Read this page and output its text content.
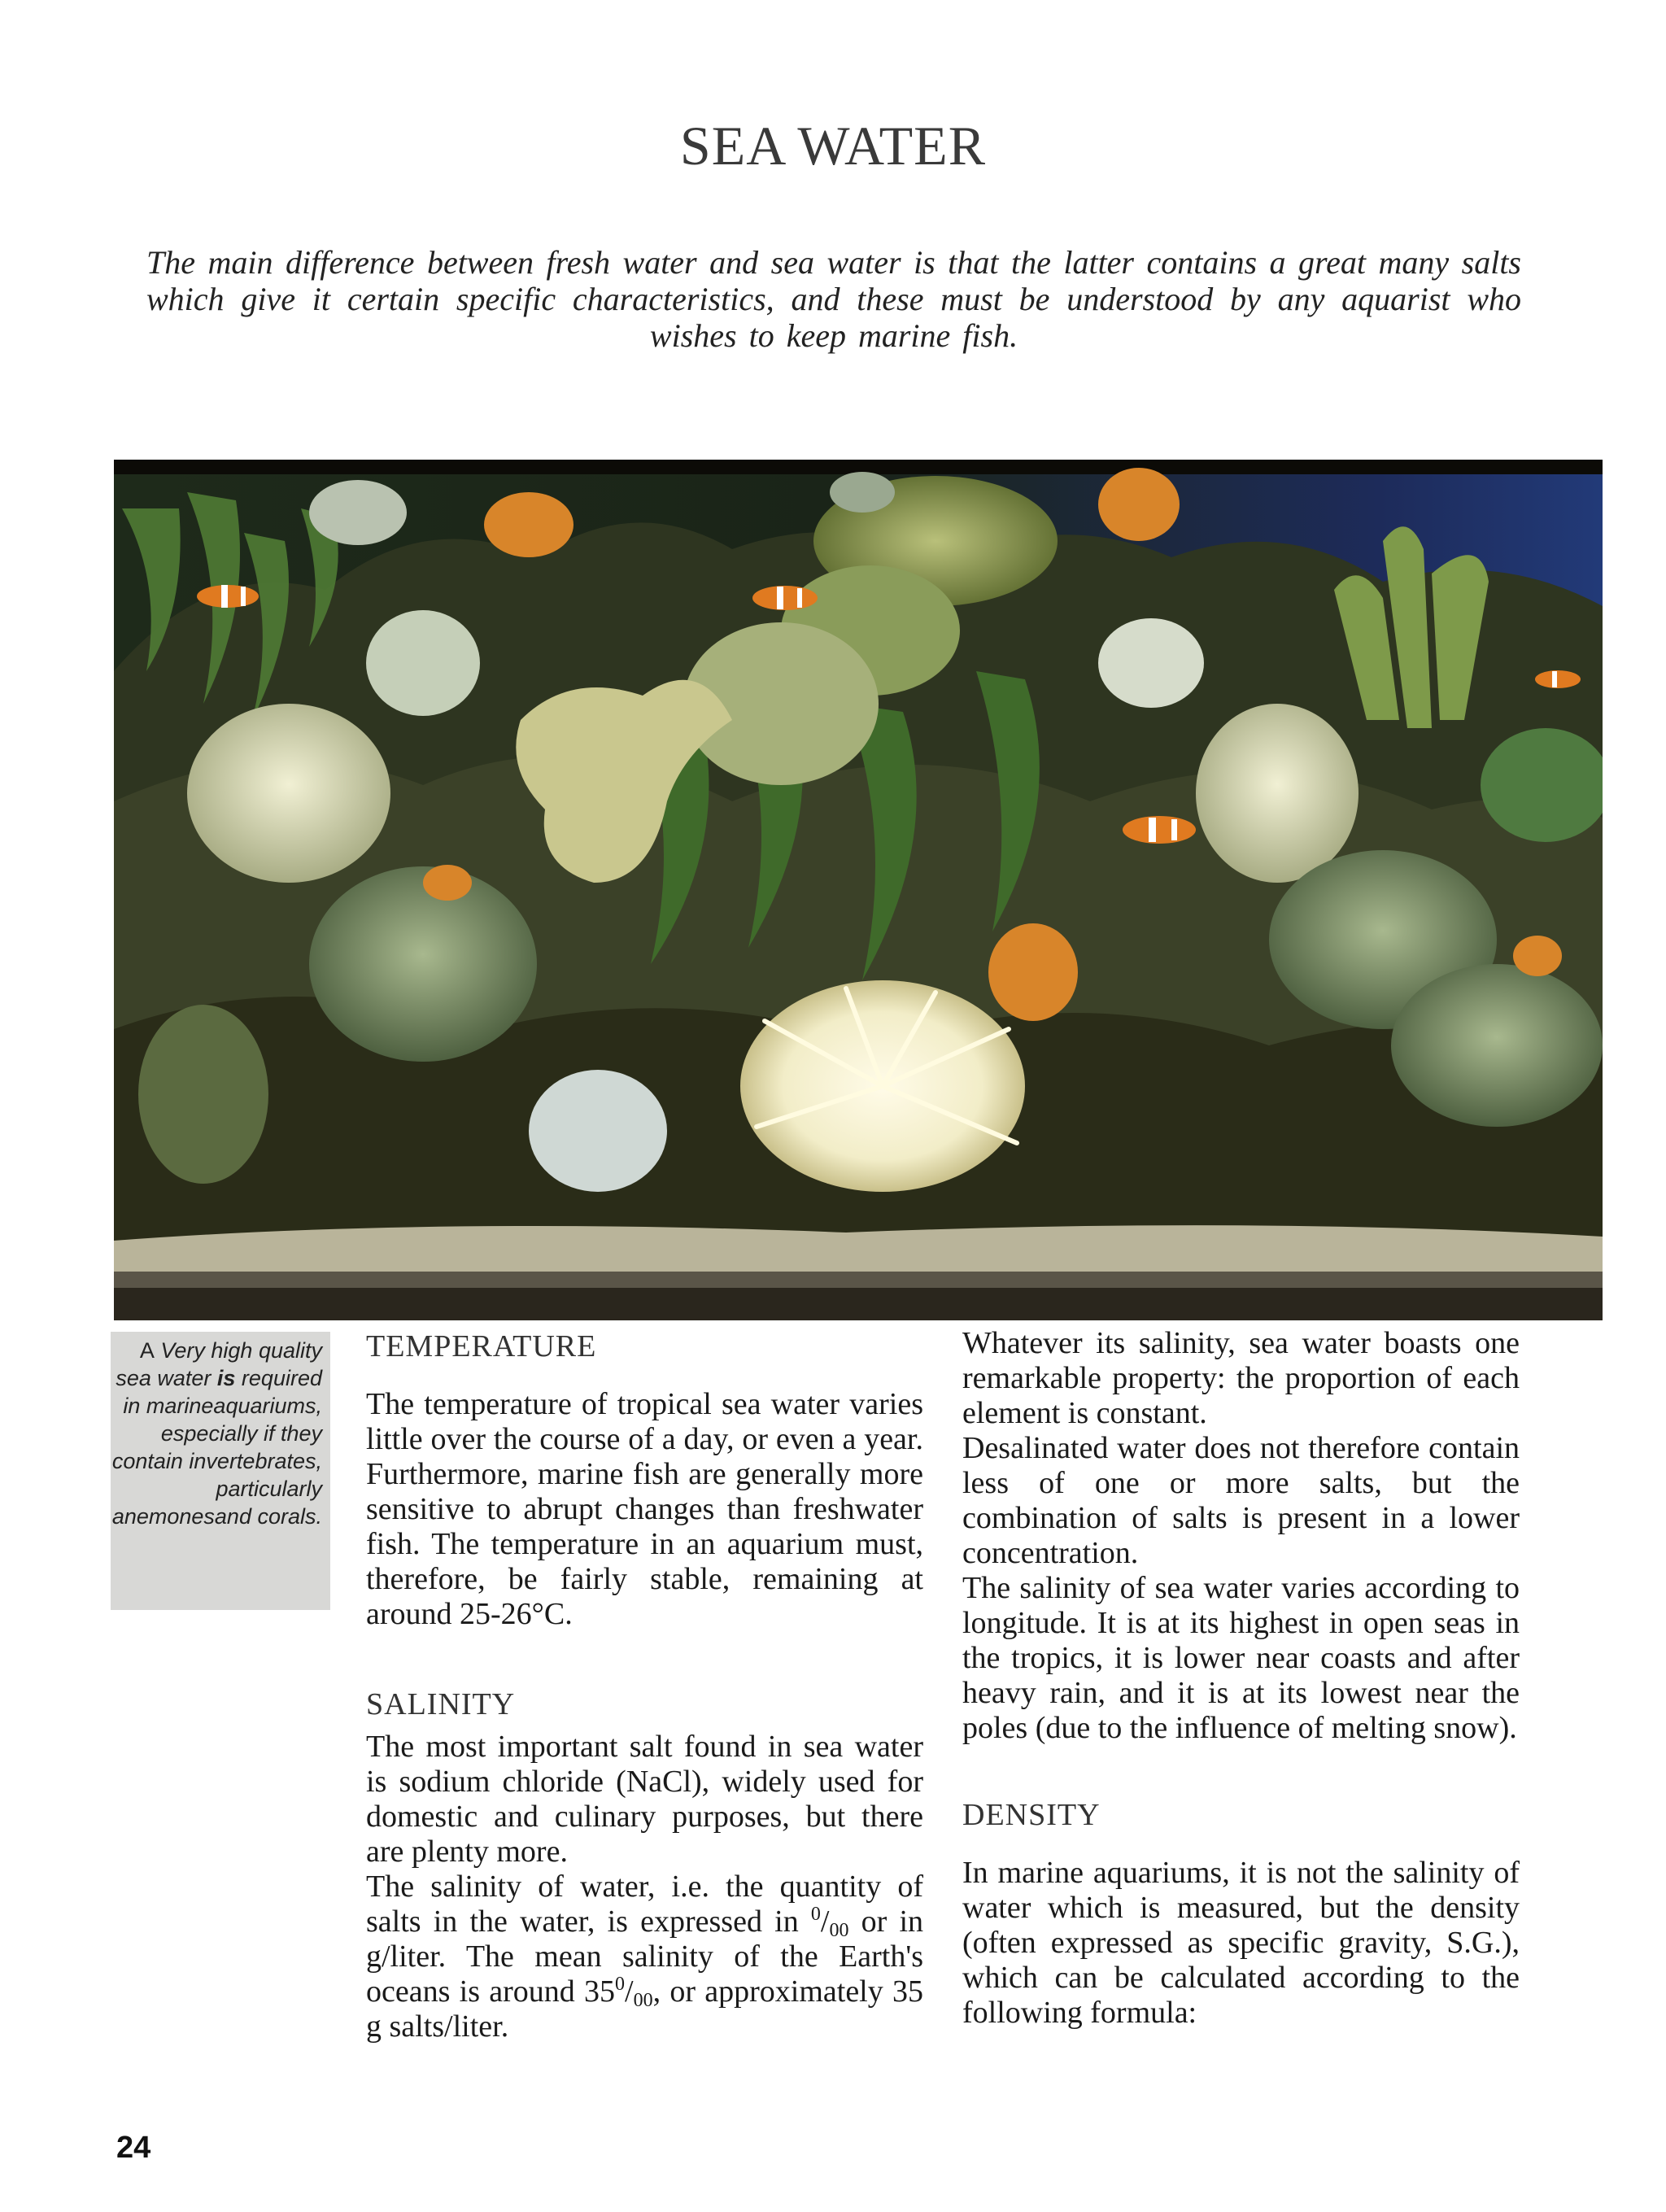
SEA WATER

The main difference between fresh water and sea water is that the latter contains a great many salts which give it certain specific characteristics, and these must be understood by any aquarist who wishes to keep marine fish.

A Very high quality sea water is required in marineaquariums, especially if they contain invertebrates, particularly anemonesand corals.

TEMPERATURE

The temperature of tropical sea water varies little over the course of a day, or even a year. Furthermore, marine fish are generally more sensitive to abrupt changes than freshwater fish. The temperature in an aquarium must, therefore, be fairly stable, remaining at around 25-26°C.

SALINITY

The most important salt found in sea water is sodium chloride (NaCl), widely used for domestic and culinary purposes, but there are plenty more.

The salinity of water, i.e. the quantity of salts in the water, is expressed in $^0/_{00}$ or in g/liter. The mean salinity of the Earth's oceans is around $35^0/_{00}$, or approximately 35 g salts/liter.

Whatever its salinity, sea water boasts one remarkable property: the proportion of each element is constant.

Desalinated water does not therefore contain less of one or more salts, but the combination of salts is present in a lower concentration.

The salinity of sea water varies according to longitude. It is at its highest in open seas in the tropics, it is lower near coasts and after heavy rain, and it is at its lowest near the poles (due to the influence of melting snow).

DENSITY

In marine aquariums, it is not the salinity of water which is measured, but the density (often expressed as specific gravity, S.G.), which can be calculated according to the following formula:

24
